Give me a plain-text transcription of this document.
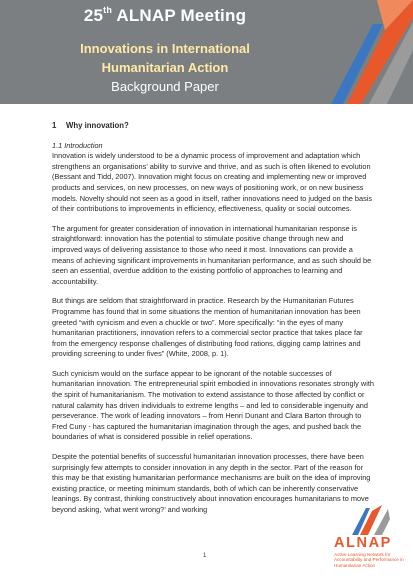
25th ALNAP Meeting
Innovations in International
Humanitarian Action
Background Paper
1 Why innovation?
1.1 Introduction

Innovation is widely understood to be a dynamic process of improvement and adaptation which strengthens an organisations’ ability to survive and thrive, and as such is often likened to evolution (Bessant and Tidd, 2007). Innovation might focus on creating and implementing new or improved products and services, on new processes, on new ways of positioning work, or on new business models. Novelty should not seen as a good in itself, rather innovations need to judged on the basis of their contributions to improvements in efficiency, effectiveness, quality or social outcomes.

The argument for greater consideration of innovation in international humanitarian response is straightforward: innovation has the potential to stimulate positive change through new and improved ways of delivering assistance to those who need it most. Innovations can provide a means of achieving significant improvements in humanitarian performance, and as such should be seen an essential, overdue addition to the existing portfolio of approaches to learning and accountability.

But things are seldom that straightforward in practice. Research by the Humanitarian Futures Programme has found that in some situations the mention of humanitarian innovation has been greeted “with cynicism and even a chuckle or two”. More specifically: “in the eyes of many humanitarian practitioners, innovation refers to a commercial sector practice that takes place far from the emergency response challenges of distributing food rations, digging camp latrines and providing screening to under fives” (White, 2008, p. 1).

Such cynicism would on the surface appear to be ignorant of the notable successes of humanitarian innovation. The entrepreneurial spirit embodied in innovations resonates strongly with the spirit of humanitarianism. The motivation to extend assistance to those affected by conflict or natural calamity has driven individuals to extreme lengths – and led to considerable ingenuity and perseverance. The work of leading innovators – from Henri Dunant and Clara Barton through to Fred Cuny - has captured the humanitarian imagination through the ages, and pushed back the boundaries of what is considered possible in relief operations.

Despite the potential benefits of successful humanitarian innovation processes, there have been surprisingly few attempts to consider innovation in any depth in the sector. Part of the reason for this may be that existing humanitarian performance mechanisms are built on the idea of improving existing practice, or meeting minimum standards, both of which can be inherently conservative leanings. By contrast, thinking constructively about innovation encourages humanitarians to move beyond asking, ‘what went wrong?’ and working

1
ALNAP
Active Learning Network for Accountability and Performance in Humanitarian Action
